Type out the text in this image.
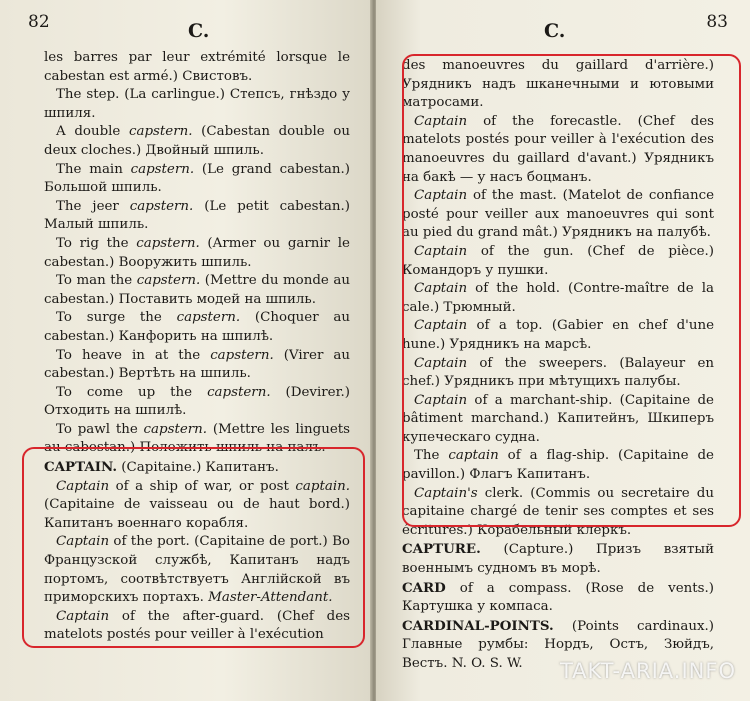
82	C.

les barres par leur extrémité lorsque le cabestan est armé.) Свистовъ.

The step. (La carlingue.) Степсъ, гнѣздо у шпиля.

A double capstern. (Cabestan double ou deux cloches.) Двойный шпиль.

The main capstern. (Le grand cabestan.) Большой шпиль.

The jeer capstern. (Le petit cabestan.) Малый шпиль.

To rig the capstern. (Armer ou garnir le cabestan.) Вооружить шпиль.

To man the capstern. (Mettre du monde au cabestan.) Поставить модей на шпиль.

To surge the capstern. (Choquer au cabestan.) Канфорить на шпилѣ.

To heave in at the capstern. (Virer au cabestan.) Вертѣть на шпиль.

To come up the capstern. (Devirer.) Отходить на шпилѣ.

To pawl the capstern. (Mettre les linguets au cabestan.) Положить шпиль на палъ.

CAPTAIN. (Capitaine.) Капитанъ.

Captain of a ship of war, or post captain. (Capitaine de vaisseau ou de haut bord.) Капитанъ военнаго корабля.

Captain of the port. (Capitaine de port.) Во Французской службѣ, Капитанъ надъ портомъ, соотвѣтствуетъ Англійской въ приморскихъ портахъ. Master-Attendant.

Captain of the after-guard. (Chef des matelots postés pour veiller à l'exécution

83
C.

des manoeuvres du gaillard d'arrière.) Урядникъ надъ шканечными и ютовыми матросами.

Captain of the forecastle. (Chef des matelots postés pour veiller à l'exécution des manoeuvres du gaillard d'avant.) Урядникъ на бакѣ — у насъ боцманъ.

Captain of the mast. (Matelot de confiance posté pour veiller aux manoeuvres qui sont au pied du grand mât.) Урядникъ на палубѣ.

Captain of the gun. (Chef de pièce.) Командоръ у пушки.

Captain of the hold. (Contre-maître de la cale.) Трюмный.

Captain of a top. (Gabier en chef d'une hune.) Урядникъ на марсѣ.

Captain of the sweepers. (Balayeur en chef.) Урядникъ при мѣтущихъ палубы.

Captain of a marchant-ship. (Capitaine de bâtiment marchand.) Капитейнъ, Шкиперъ купеческаго судна.

The captain of a flag-ship. (Capitaine de pavillon.) Флагъ Капитанъ.

Captain's clerk. (Commis ou secretaire du capitaine chargé de tenir ses comptes et ses écritures.) Корабельный клеркъ.

CAPTURE. (Capture.) Призъ взятый военнымъ судномъ въ морѣ.

CARD of a compass. (Rose de vents.) Картушка у компаса.

CARDINAL-POINTS. (Points cardinaux.) Главные румбы: Нордъ, Остъ, Зюйдъ, Вестъ. N. O. S. W.	TAKT-ARIA.INFO
